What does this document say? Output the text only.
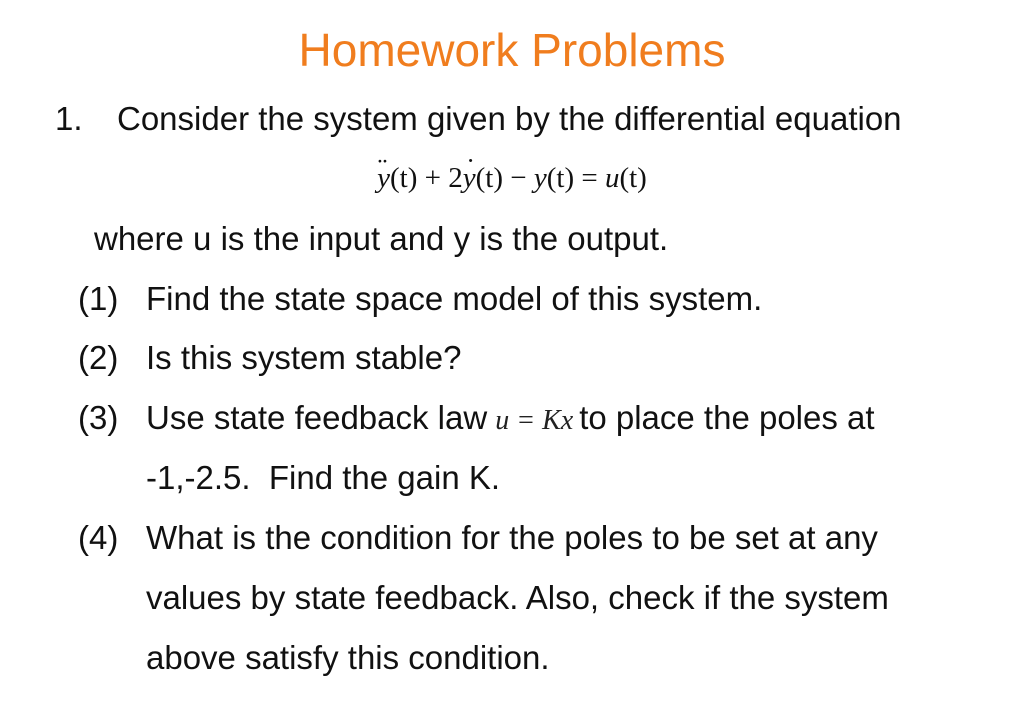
Homework Problems
1. Consider the system given by the differential equation
y ¨(t) + 2y ˙(t) − y(t) = u(t)
where u is the input and y is the output.
(1) Find the state space model of this system.
(2) Is this system stable?
(3) Use state feedback law u = Kx to place the poles at
-1,-2.5.  Find the gain K.
(4) What is the condition for the poles to be set at any
values by state feedback. Also, check if the system
above satisfy this condition.
